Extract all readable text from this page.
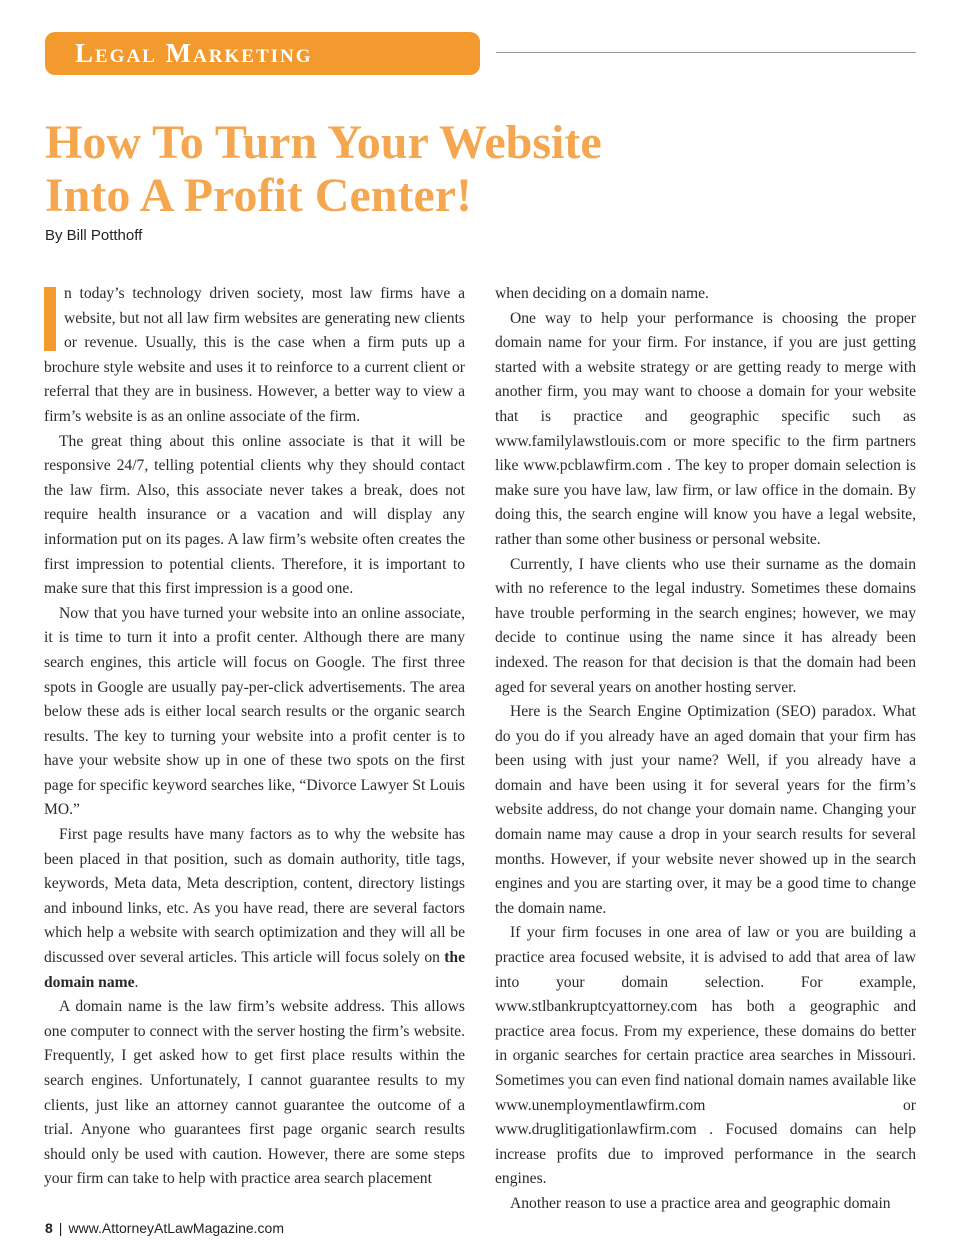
Legal Marketing
How To Turn Your Website
Into A Profit Center!
By Bill Potthoff

n today’s technology driven society, most law firms have a website, but not all law firm websites are generating new clients or revenue. Usually, this is the case when a firm puts up a brochure style website and uses it to reinforce to a current client or referral that they are in business. However, a better way to view a firm’s website is as an online associate of the firm.

The great thing about this online associate is that it will be responsive 24/7, telling potential clients why they should contact the law firm. Also, this associate never takes a break, does not require health insurance or a vacation and will display any information put on its pages. A law firm’s website often creates the first impression to potential clients. Therefore, it is important to make sure that this first impression is a good one.

Now that you have turned your website into an online associate, it is time to turn it into a profit center. Although there are many search engines, this article will focus on Google. The first three spots in Google are usually pay-per-click advertisements. The area below these ads is either local search results or the organic search results. The key to turning your website into a profit center is to have your website show up in one of these two spots on the first page for specific keyword searches like, “Divorce Lawyer St Louis MO.”

First page results have many factors as to why the website has been placed in that position, such as domain authority, title tags, keywords, Meta data, Meta description, content, directory listings and inbound links, etc. As you have read, there are several factors which help a website with search optimization and they will all be discussed over several articles. This article will focus solely on the domain name.

A domain name is the law firm’s website address. This allows one computer to connect with the server hosting the firm’s website. Frequently, I get asked how to get first place results within the search engines. Unfortunately, I cannot guarantee results to my clients, just like an attorney cannot guarantee the outcome of a trial. Anyone who guarantees first page organic search results should only be used with caution. However, there are some steps your firm can take to help with practice area search placement

when deciding on a domain name.

One way to help your performance is choosing the proper domain name for your firm. For instance, if you are just getting started with a website strategy or are getting ready to merge with another firm, you may want to choose a domain for your website that is practice and geographic specific such as www.familylawstlouis.com or more specific to the firm partners like www.pcblawfirm.com . The key to proper domain selection is make sure you have law, law firm, or law office in the domain. By doing this, the search engine will know you have a legal website, rather than some other business or personal website.

Currently, I have clients who use their surname as the domain with no reference to the legal industry. Sometimes these domains have trouble performing in the search engines; however, we may decide to continue using the name since it has already been indexed. The reason for that decision is that the domain had been aged for several years on another hosting server.

Here is the Search Engine Optimization (SEO) paradox. What do you do if you already have an aged domain that your firm has been using with just your name? Well, if you already have a domain and have been using it for several years for the firm’s website address, do not change your domain name. Changing your domain name may cause a drop in your search results for several months. However, if your website never showed up in the search engines and you are starting over, it may be a good time to change the domain name.

If your firm focuses in one area of law or you are building a practice area focused website, it is advised to add that area of law into your domain selection. For example, www.stlbankruptcyattorney.com has both a geographic and practice area focus. From my experience, these domains do better in organic searches for certain practice area searches in Missouri. Sometimes you can even find national domain names available like www.unemploymentlawfirm.com or www.druglitigationlawfirm.com . Focused domains can help increase profits due to improved performance in the search engines.

Another reason to use a practice area and geographic domain

8 | www.AttorneyAtLawMagazine.com
